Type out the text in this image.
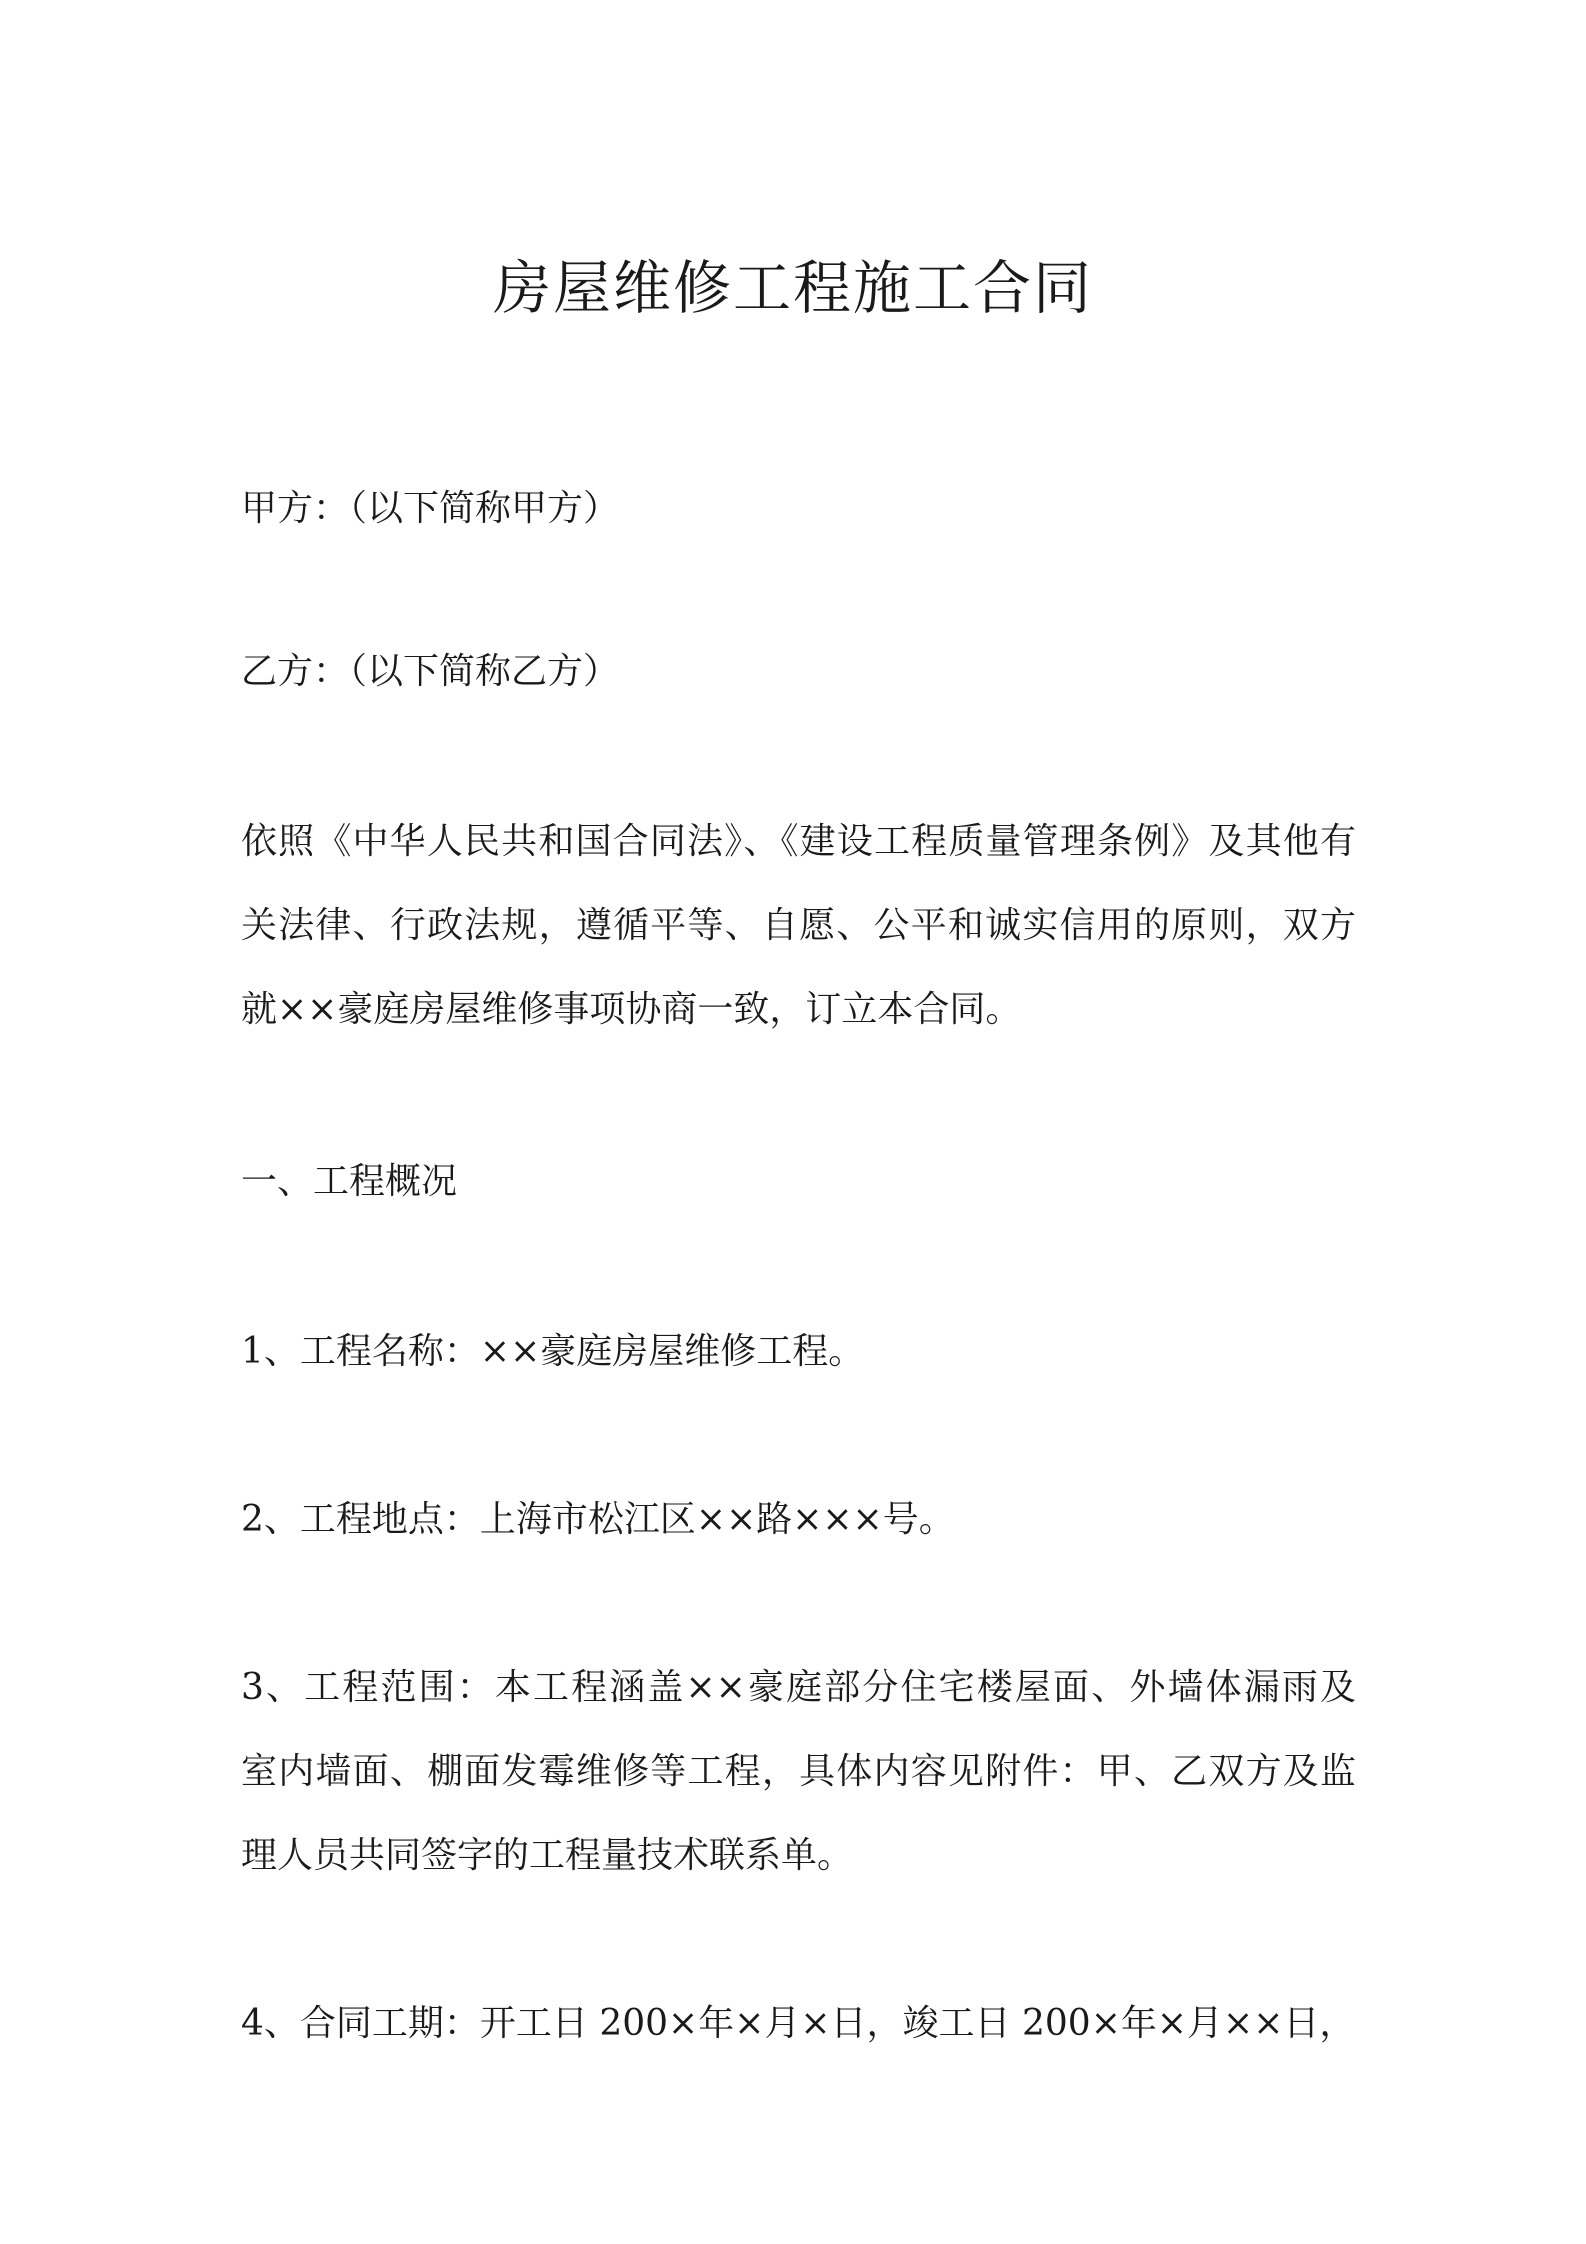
房屋维修工程施工合同

甲方：（以下简称甲方）

乙方：（以下简称乙方）

依照《中华人民共和国合同法》、《建设工程质量管理条例》及其他有
关法律、行政法规，遵循平等、自愿、公平和诚实信用的原则，双方
就××豪庭房屋维修事项协商一致，订立本合同。

一、工程概况

1、工程名称：××豪庭房屋维修工程。

2、工程地点：上海市松江区××路×××号。

3、工程范围：本工程涵盖××豪庭部分住宅楼屋面、外墙体漏雨及
室内墙面、棚面发霉维修等工程，具体内容见附件：甲、乙双方及监
理人员共同签字的工程量技术联系单。

4、合同工期：开工日 200×年×月×日，竣工日 200×年×月××日，
